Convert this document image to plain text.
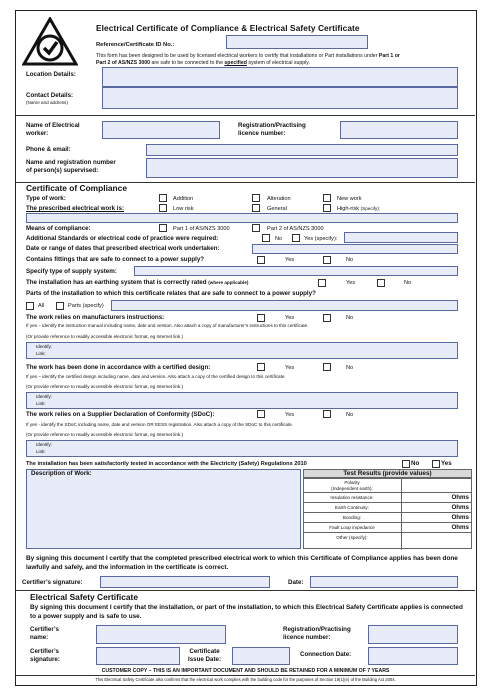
Electrical Certificate of Compliance & Electrical Safety Certificate
Reference/Certificate ID No.:
This form has been designed to be used by licensed electrical workers to certify that installations or Part installations under Part 1 or
Part 2 of AS/NZS 3000 are safe to be connected to the specified system of electrical supply.
Location Details:
Contact Details:
(Name and address)
Name of Electrical
worker:
Registration/Practising
licence number:
Phone & email:
Name and registration number
of person(s) supervised:
Certificate of Compliance
Type of work:	Addition	Alteration	New work
The prescribed electrical work is:	Low risk	General	High-risk (Specify):
Means of compliance:	Part 1 of AS/NZS 3000	Part 2 of AS/NZS 3000
Additional Standards or electrical code of practice were required:	No	Yes (specify):
Date or range of dates that prescribed electrical work undertaken:
Contains fittings that are safe to connect to a power supply?	Yes	No
Specify type of supply system:
The installation has an earthing system that is correctly rated (where applicable)	Yes	No
Parts of the installation to which this certificate relates that are safe to connect to a power supply?
All	Parts (specify)
The work relies on manufacturers instructions:	Yes	No
If yes – identify the instruction manual including name, date and version. Also attach a copy of manufacturer’s instructions to this certificate.
(Or provide reference to readily accessible electronic format, eg Internet link.)
Identify:
Link:
The work has been done in accordance with a certified design:	Yes	No
If yes – identify the certified design including name, date and version. Also attach a copy of the certified design to this certificate.
(Or provide reference to readily accessible electronic format, eg Internet link.)
Identify:
Link:
The work relies on a Supplier Declaration of Conformity (SDoC):	Yes	No
If yes - identify the SDoC including name, date and version OR EESS registration. Also attach a copy of the SDoC to this certificate.
(Or provide reference to readily accessible electronic format, eg Internet link.)
Identify:
Link:
The installation has been satisfactorily tested in accordance with the Electricity (Safety) Regulations 2010	No	Yes
Description of Work:	Test Results (provide values)
Polarity
(Independent earth):
Insulation resistance:	Ohms
Earth Continuity:	Ohms
Bonding:	Ohms
Fault Loop impedance	Ohms
Other (specify):
By signing this document I certify that the completed prescribed electrical work to which this Certificate of Compliance applies has been done lawfully and safely, and the information in the certificate is correct.
Certifier’s signature:	Date:
Electrical Safety Certificate
By signing this document I certify that the installation, or part of the installation, to which this Electrical Safety Certificate applies is connected to a power supply and is safe to use.
Certifier’s
name:
Registration/Practising
licence number:
Certifier’s
signature:
Certificate
Issue Date:
Connection Date:
CUSTOMER COPY – THIS IS AN IMPORTANT DOCUMENT AND SHOULD BE RETAINED FOR A MINIMUM OF 7 YEARS
This Electrical Safety Certificate also confirms that the electrical work complies with the building code for the purposes of Section 19(1)(e) of the Building Act 2004.
